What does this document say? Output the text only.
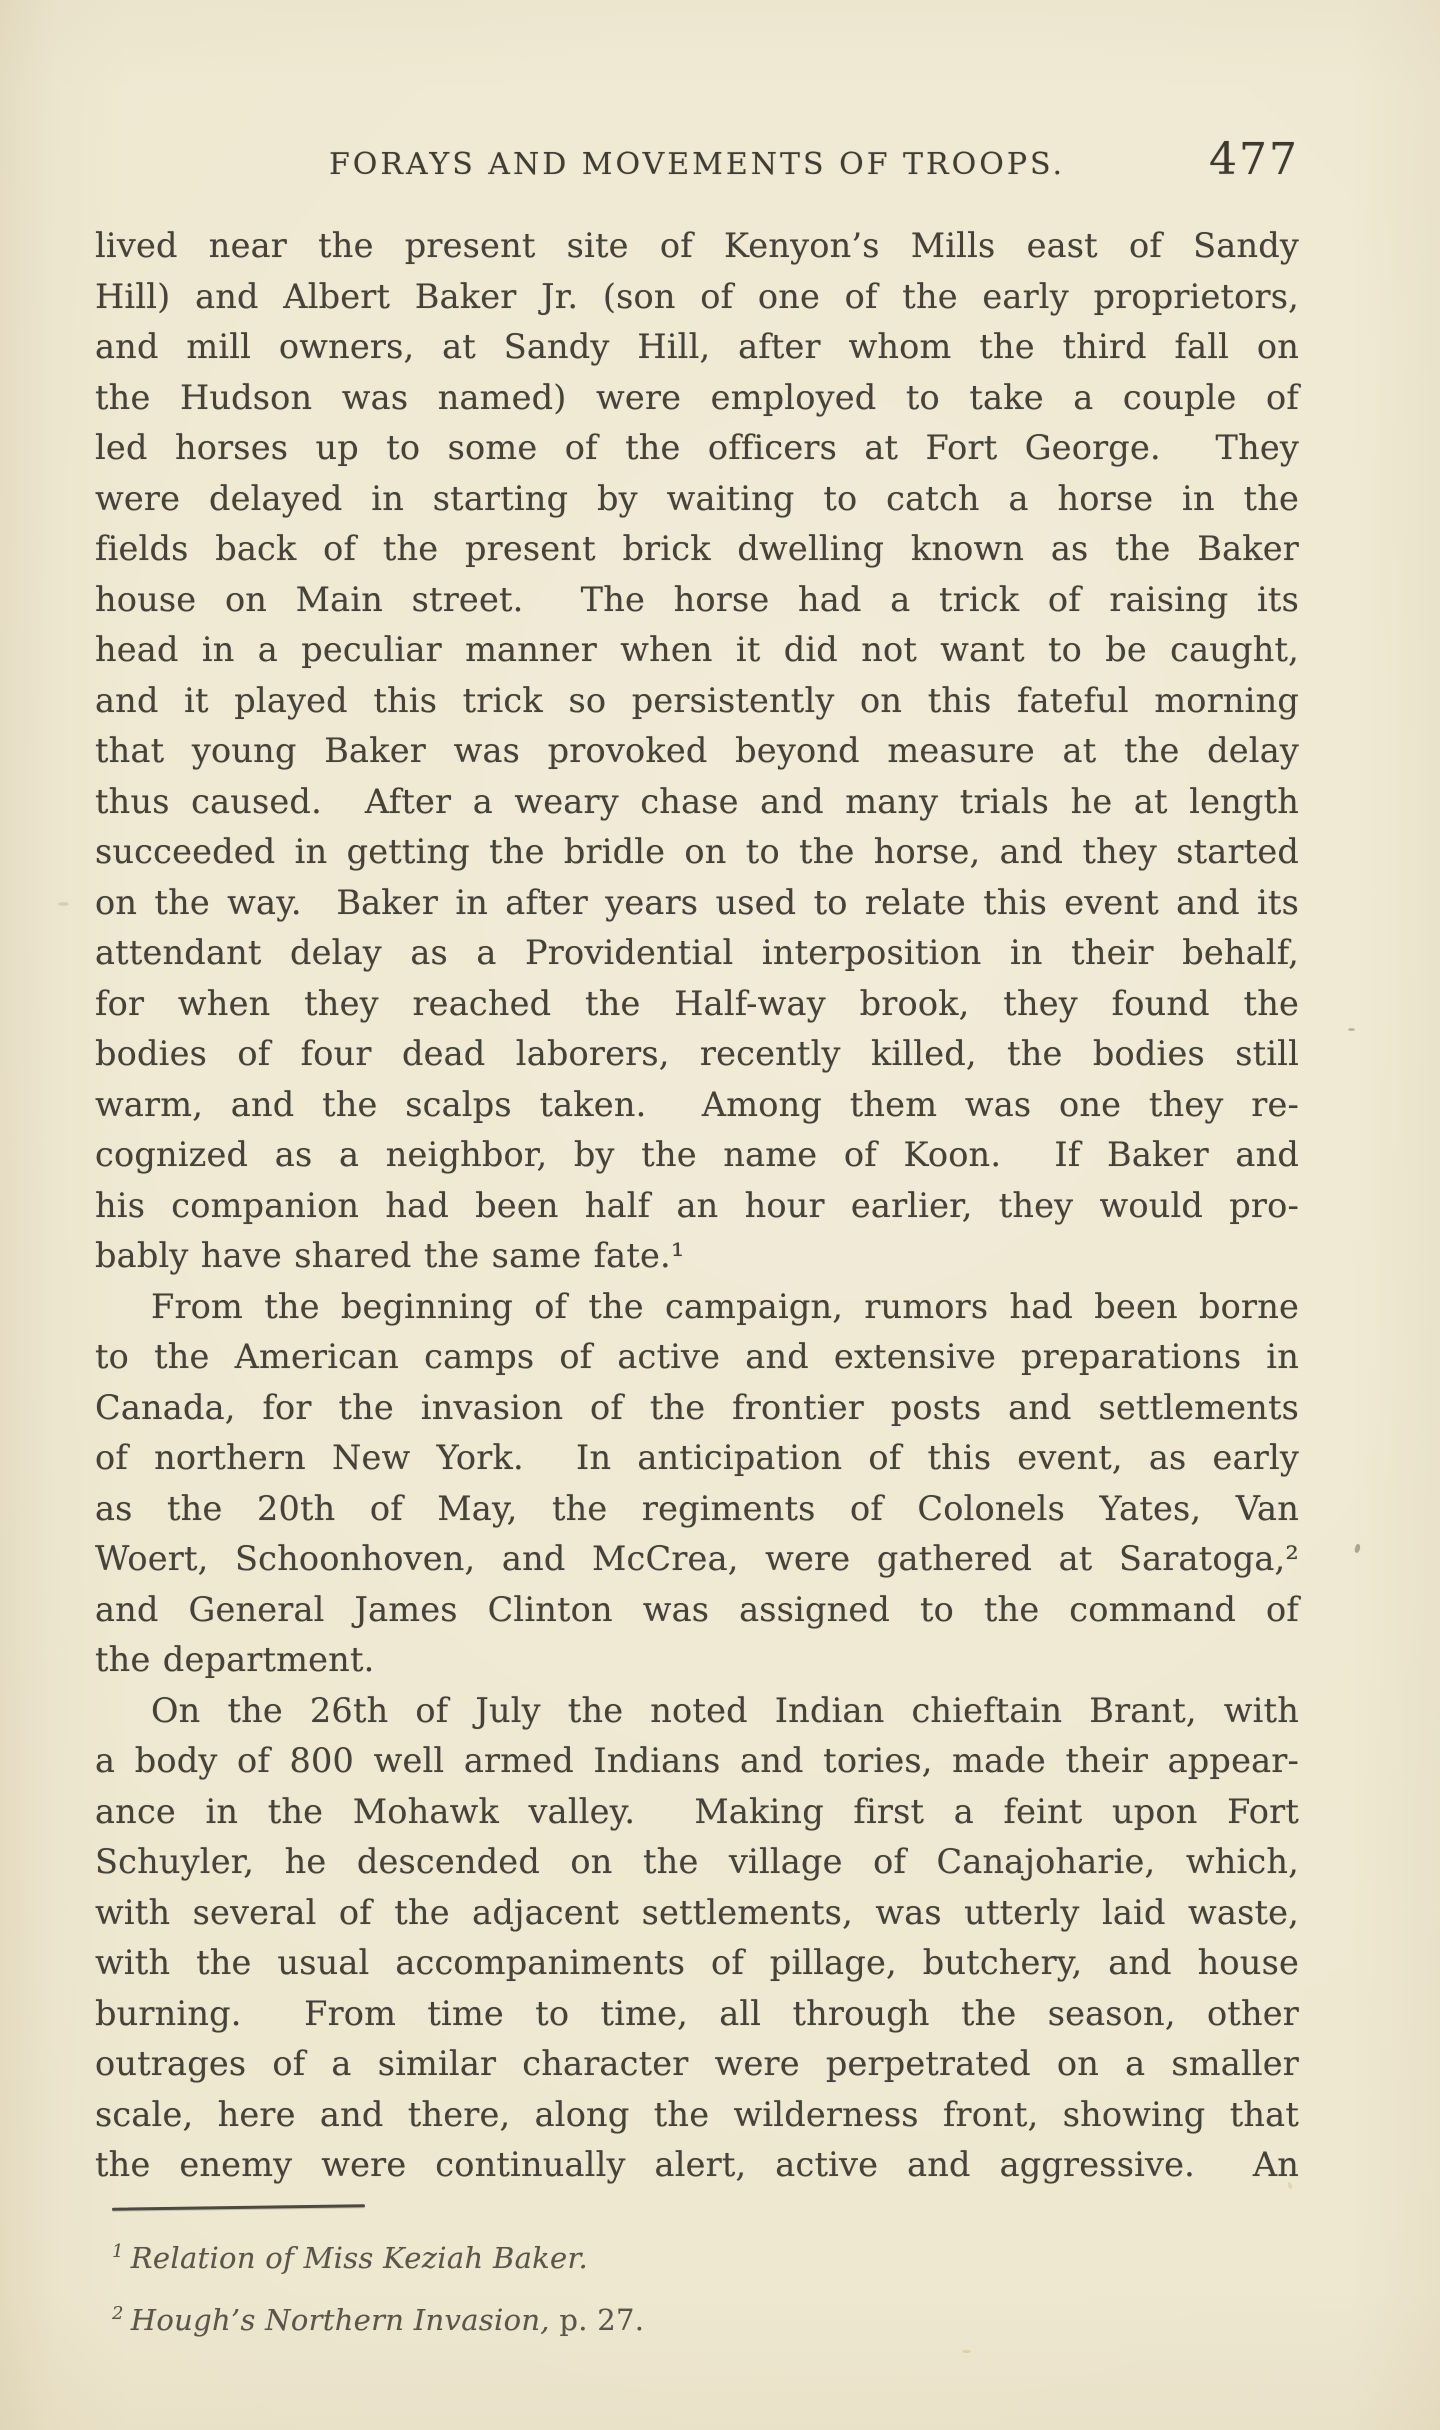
FORAYS AND MOVEMENTS OF TROOPS.	477
lived near the present site of Kenyon’s Mills east of Sandy
Hill) and Albert Baker Jr. (son of one of the early proprietors,
and mill owners, at Sandy Hill, after whom the third fall on
the Hudson was named) were employed to take a couple of
led horses up to some of the officers at Fort George.  They
were delayed in starting by waiting to catch a horse in the
fields back of the present brick dwelling known as the Baker
house on Main street.  The horse had a trick of raising its
head in a peculiar manner when it did not want to be caught,
and it played this trick so persistently on this fateful morning
that young Baker was provoked beyond measure at the delay
thus caused.  After a weary chase and many trials he at length
succeeded in getting the bridle on to the horse, and they started
on the way.  Baker in after years used to relate this event and its
attendant delay as a Providential interposition in their behalf,
for when they reached the Half-way brook, they found the
bodies of four dead laborers, recently killed, the bodies still
warm, and the scalps taken.  Among them was one they re-
cognized as a neighbor, by the name of Koon.  If Baker and
his companion had been half an hour earlier, they would pro-
bably have shared the same fate.¹
From the beginning of the campaign, rumors had been borne
to the American camps of active and extensive preparations in
Canada, for the invasion of the frontier posts and settlements
of northern New York.  In anticipation of this event, as early
as the 20th of May, the regiments of Colonels Yates, Van
Woert, Schoonhoven, and McCrea, were gathered at Saratoga,²
and General James Clinton was assigned to the command of
the department.
On the 26th of July the noted Indian chieftain Brant, with
a body of 800 well armed Indians and tories, made their appear-
ance in the Mohawk valley.  Making first a feint upon Fort
Schuyler, he descended on the village of Canajoharie, which,
with several of the adjacent settlements, was utterly laid waste,
with the usual accompaniments of pillage, butchery, and house
burning.  From time to time, all through the season, other
outrages of a similar character were perpetrated on a smaller
scale, here and there, along the wilderness front, showing that
the enemy were continually alert, active and aggressive.  An
$^1$ Relation of Miss Keziah Baker.
$^2$ Hough’s Northern Invasion, p. 27.
